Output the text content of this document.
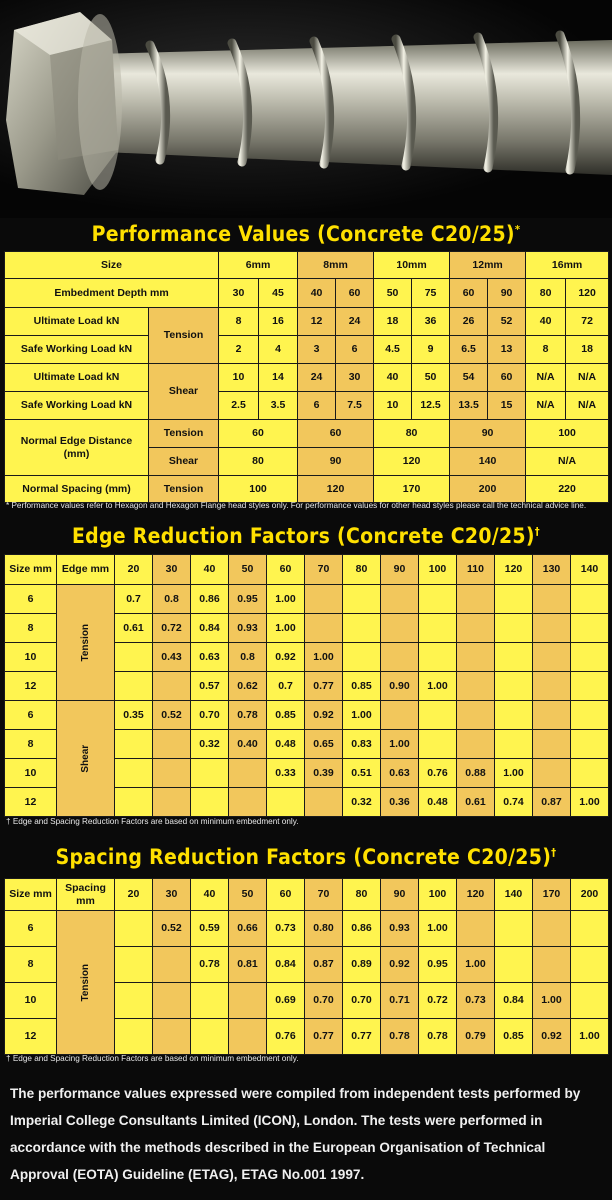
Performance Values (Concrete C20/25)*
Size		6mm		8mm		10mm		12mm		16mm	
Embedment Depth mm		30	45	40	60	50	75	60	90	80	120
Ultimate Load kN	Tension	8	16	12	24	18	36	26	52	40	72
Safe Working Load kN		2	4	3	6	4.5	9	6.5	13	8	18
Ultimate Load kN	Shear	10	14	24	30	40	50	54	60	N/A	N/A
Safe Working Load kN		2.5	3.5	6	7.5	10	12.5	13.5	15	N/A	N/A
Normal Edge Distance (mm)	Tension	60		60		80		90		100	
	Shear	80		90		120		140		N/A	
Normal Spacing (mm)	Tension	100		120		170		200		220	
* Performance values refer to Hexagon and Hexagon Flange head styles only. For performance values for other head styles please call the technical advice line.
Edge Reduction Factors (Concrete C20/25)†
Size mm	Edge mm	20	30	40	50	60	70	80	90	100	110	120	130	140
6	Tension	0.7	0.8	0.86	0.95	1.00								
8		0.61	0.72	0.84	0.93	1.00								
10			0.43	0.63	0.8	0.92	1.00							
12				0.57	0.62	0.7	0.77	0.85	0.90	1.00				
6	Shear	0.35	0.52	0.70	0.78	0.85	0.92	1.00						
8				0.32	0.40	0.48	0.65	0.83	1.00					
10						0.33	0.39	0.51	0.63	0.76	0.88	1.00		
12								0.32	0.36	0.48	0.61	0.74	0.87	1.00
† Edge and Spacing Reduction Factors are based on minimum embedment only.
Spacing Reduction Factors (Concrete C20/25)†
Size mm	Spacing mm	20	30	40	50	60	70	80	90	100	120	140	170	200
6	Tension		0.52	0.59	0.66	0.73	0.80	0.86	0.93	1.00				
8				0.78	0.81	0.84	0.87	0.89	0.92	0.95	1.00			
10						0.69	0.70	0.70	0.71	0.72	0.73	0.84	1.00	
12						0.76	0.77	0.77	0.78	0.78	0.79	0.85	0.92	1.00
† Edge and Spacing Reduction Factors are based on minimum embedment only.
The performance values expressed were compiled from independent tests performed by Imperial College Consultants Limited (ICON), London. The tests were performed in accordance with the methods described in the European Organisation of Technical Approval (EOTA) Guideline (ETAG), ETAG No.001 1997.
